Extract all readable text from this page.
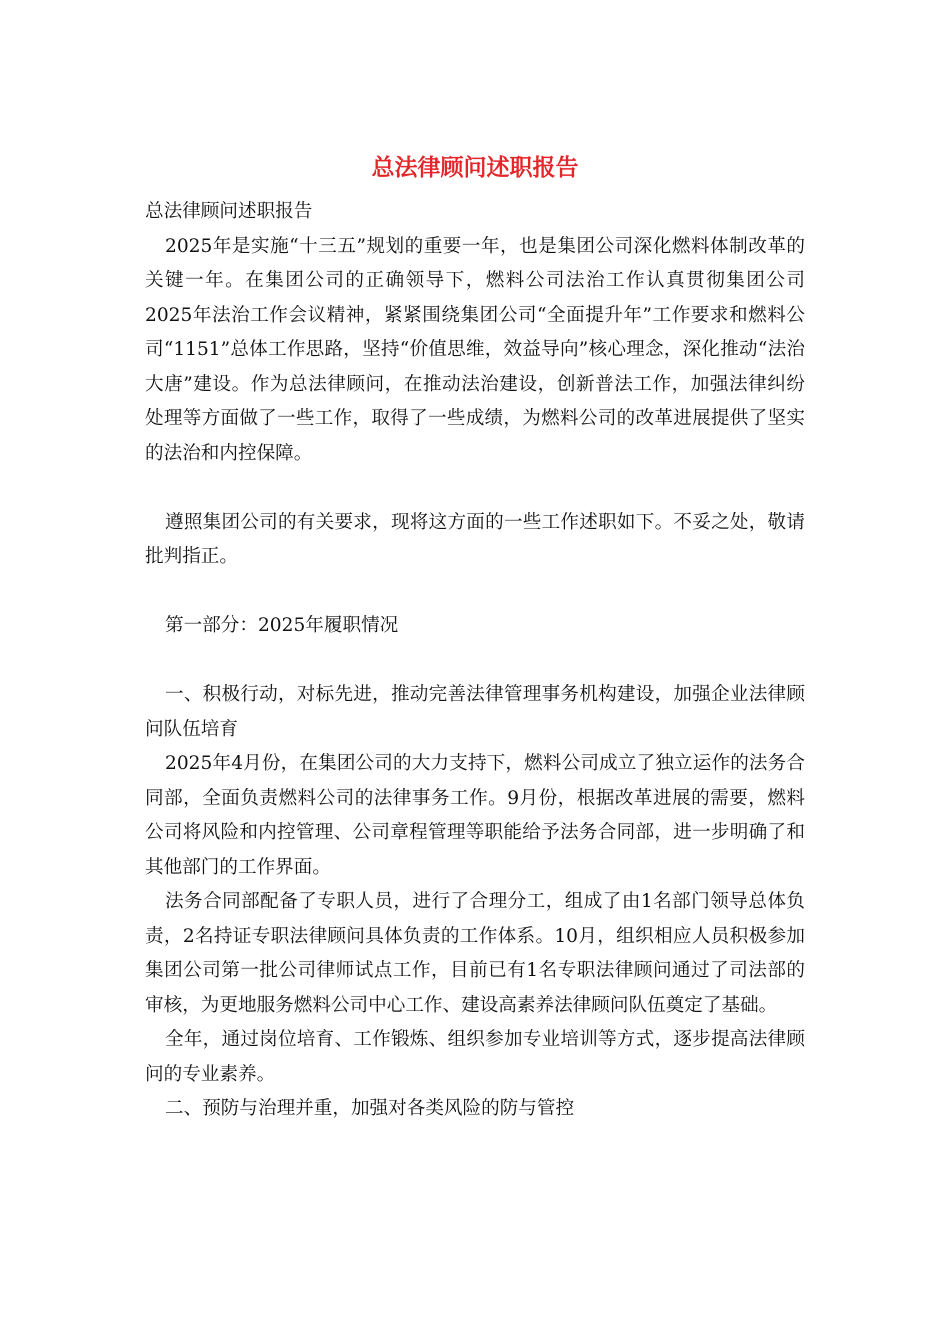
总法律顾问述职报告

总法律顾问述职报告

2025年是实施“十三五”规划的重要一年，也是集团公司深化燃料体制改革的关键一年。在集团公司的正确领导下，燃料公司法治工作认真贯彻集团公司2025年法治工作会议精神，紧紧围绕集团公司“全面提升年”工作要求和燃料公司“1151”总体工作思路，坚持“价值思维，效益导向”核心理念，深化推动“法治大唐”建设。作为总法律顾问，在推动法治建设，创新普法工作，加强法律纠纷处理等方面做了一些工作，取得了一些成绩，为燃料公司的改革进展提供了坚实的法治和内控保障。

遵照集团公司的有关要求，现将这方面的一些工作述职如下。不妥之处，敬请批判指正。

第一部分：2025年履职情况

一、积极行动，对标先进，推动完善法律管理事务机构建设，加强企业法律顾问队伍培育

2025年4月份，在集团公司的大力支持下，燃料公司成立了独立运作的法务合同部，全面负责燃料公司的法律事务工作。9月份，根据改革进展的需要，燃料公司将风险和内控管理、公司章程管理等职能给予法务合同部，进一步明确了和其他部门的工作界面。

法务合同部配备了专职人员，进行了合理分工，组成了由1名部门领导总体负责，2名持证专职法律顾问具体负责的工作体系。10月，组织相应人员积极参加集团公司第一批公司律师试点工作，目前已有1名专职法律顾问通过了司法部的审核，为更地服务燃料公司中心工作、建设高素养法律顾问队伍奠定了基础。

全年，通过岗位培育、工作锻炼、组织参加专业培训等方式，逐步提高法律顾问的专业素养。

二、预防与治理并重，加强对各类风险的防与管控
